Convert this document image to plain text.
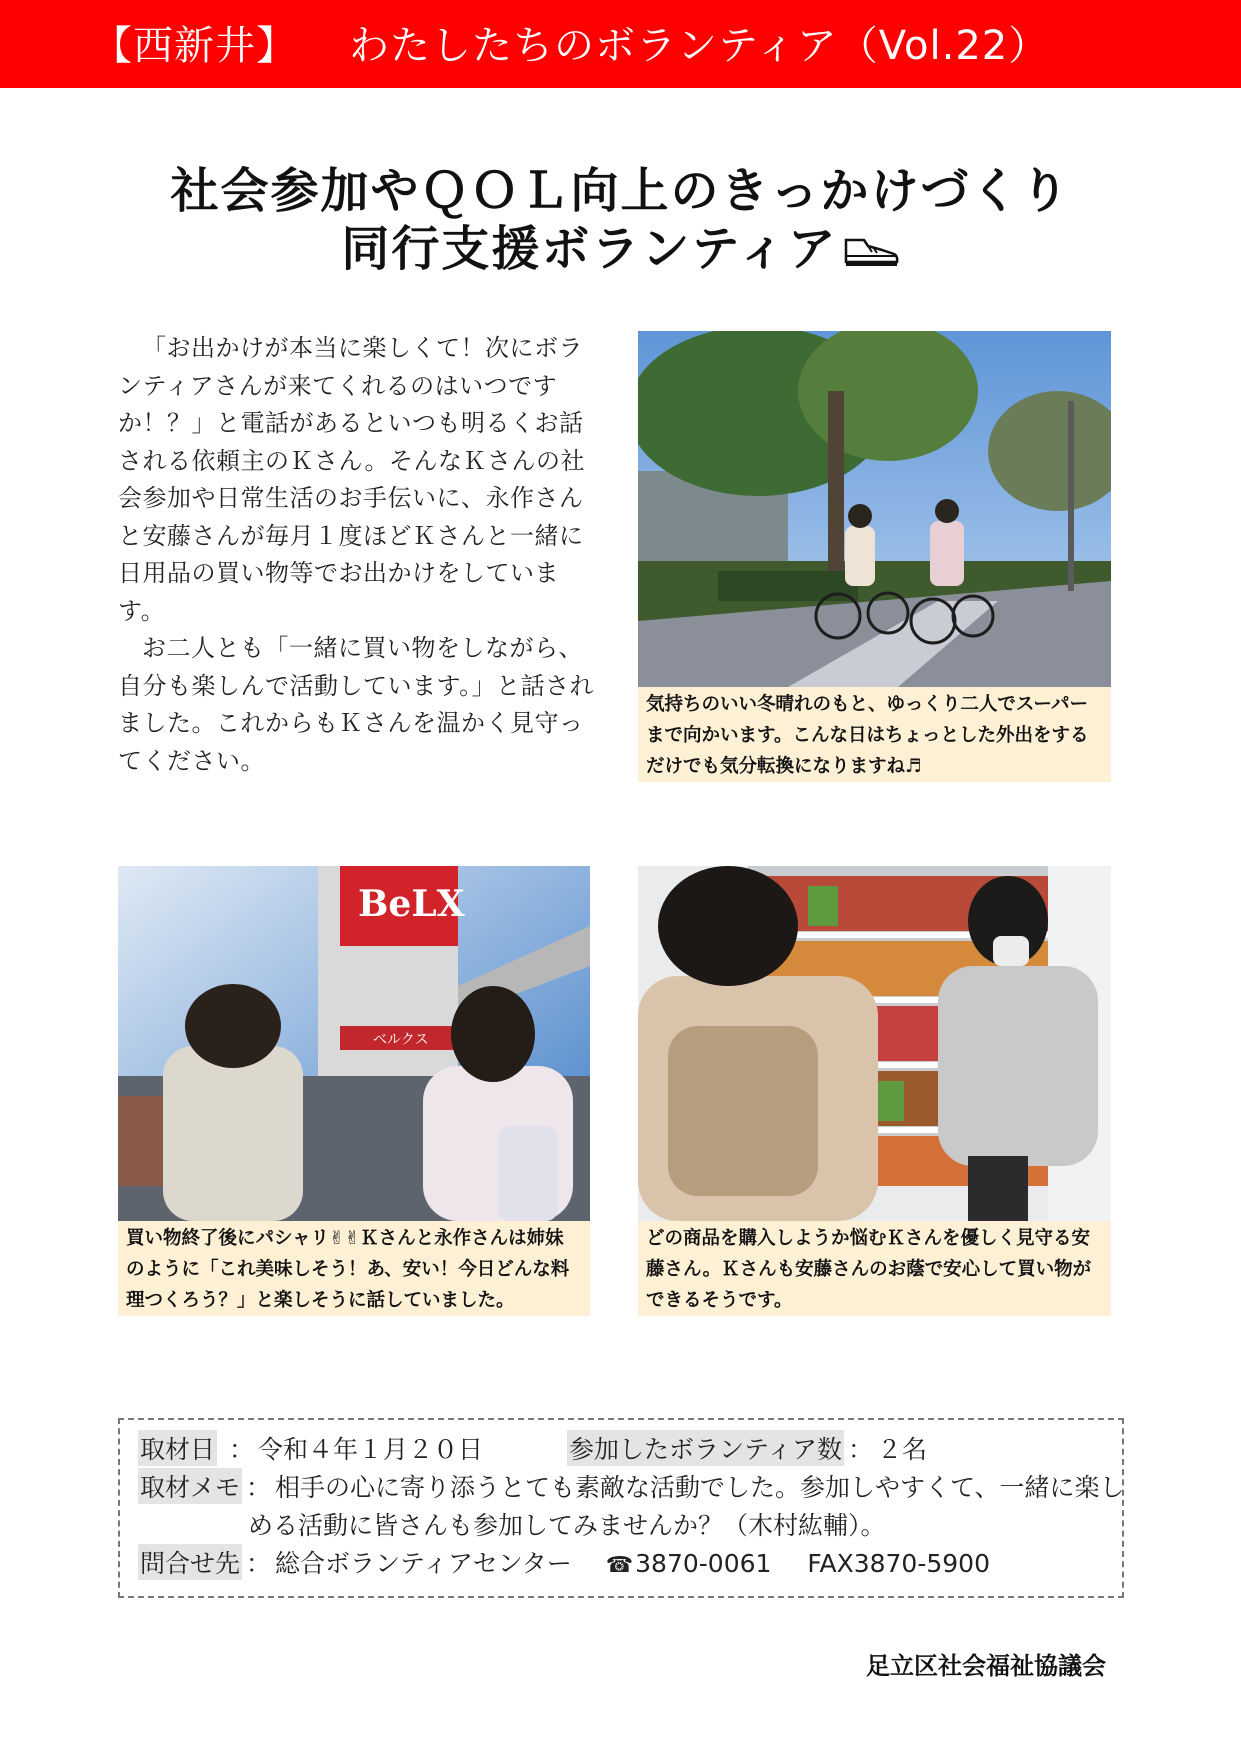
【西新井】 わたしたちのボランティア（Vol.22）
社会参加やＱＯＬ向上のきっかけづくり
同行支援ボランティア

「お出かけが本当に楽しくて！次にボランティアさんが来てくれるのはいつですか！？」と電話があるといつも明るくお話される依頼主のＫさん。そんなＫさんの社会参加や日常生活のお手伝いに、永作さんと安藤さんが毎月１度ほどＫさんと一緒に日用品の買い物等でお出かけをしています。

お二人とも「一緒に買い物をしながら、自分も楽しんで活動しています。」と話されました。これからもＫさんを温かく見守ってください。

気持ちのいい冬晴れのもと、ゆっくり二人でスーパーまで向かいます。こんな日はちょっとした外出をするだけでも気分転換になりますね♬
BeLX
ベルクス
買い物終了後にパシャリ✌✌Ｋさんと永作さんは姉妹のように「これ美味しそう！あ、安い！今日どんな料理つくろう？」と楽しそうに話していました。
どの商品を購入しようか悩むＫさんを優しく見守る安藤さん。Ｋさんも安藤さんのお蔭で安心して買い物ができるそうです。
取材日 ： 令和４年１月２０日	参加したボランティア数 ： ２名
取材メモ ： 相手の心に寄り添うとても素敵な活動でした。参加しやすくて、一緒に楽し
める活動に皆さんも参加してみませんか？（木村紘輔）。
問合せ先 ： 総合ボランティアセンター ☎3870-0061 FAX3870-5900
足立区社会福祉協議会
